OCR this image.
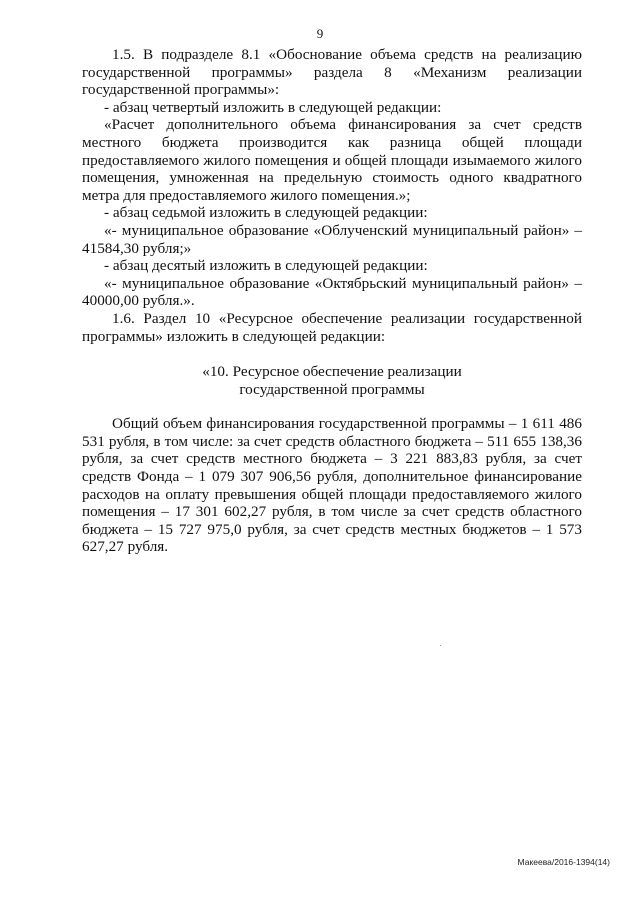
9

1.5. В подразделе 8.1 «Обоснование объема средств на реализацию государственной программы» раздела 8 «Механизм реализации государственной программы»:

- абзац четвертый изложить в следующей редакции:

«Расчет дополнительного объема финансирования за счет средств местного бюджета производится как разница общей площади предоставляемого жилого помещения и общей площади изымаемого жилого помещения, умноженная на предельную стоимость одного квадратного метра для предоставляемого жилого помещения.»;

- абзац седьмой изложить в следующей редакции:

«- муниципальное образование «Облученский муниципальный район» – 41584,30 рубля;»

- абзац десятый изложить в следующей редакции:

«- муниципальное образование «Октябрьский муниципальный район» – 40000,00 рубля.».

1.6. Раздел 10 «Ресурсное обеспечение реализации государственной программы» изложить в следующей редакции:

«10. Ресурсное обеспечение реализации
государственной программы

Общий объем финансирования государственной программы – 1 611 486 531 рубля, в том числе: за счет средств областного бюджета – 511 655 138,36 рубля, за счет средств местного бюджета – 3 221 883,83 рубля, за счет средств Фонда – 1 079 307 906,56 рубля, дополнительное финансирование расходов на оплату превышения общей площади предоставляемого жилого помещения – 17 301 602,27 рубля, в том числе за счет средств областного бюджета – 15 727 975,0 рубля, за счет средств местных бюджетов – 1 573 627,27 рубля.

Макеева/2016-1394(14)
